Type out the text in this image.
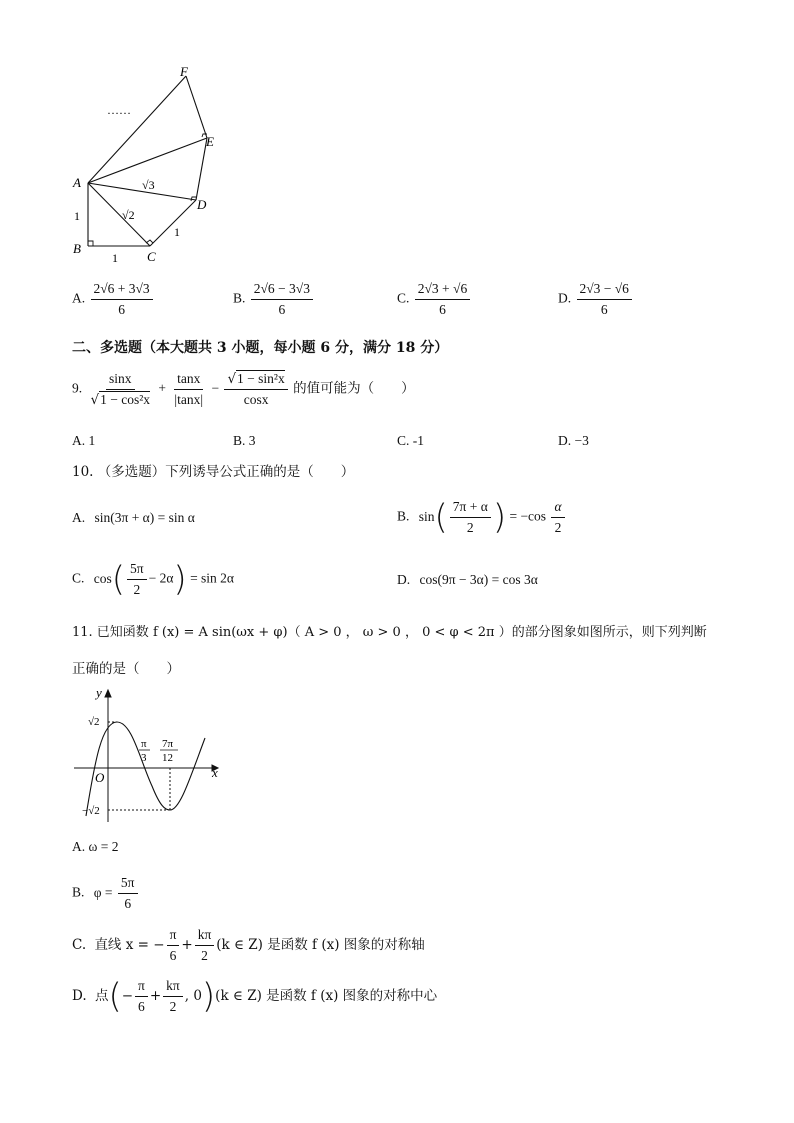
F
E
D
A
B
C
……
1
1
1
√2
√3
A. $\frac{2√6 + 3√3}{6}$	B. $\frac{2√6 - 3√3}{6}$	C. $\frac{2√3 + √6}{6}$	D. $\frac{2√3 - √6}{6}$
二、多选题（本大题共 3 小题，每小题 6 分，满分 18 分）
9. $\frac{\sin x}{\text{√1 − cos²x}} + \frac{\tan x}{|\tan x|} - \frac{\text{√1 − sin²x}}{\cos x}$ 的值可能为（　　）
A. 1	B. 3	C. -1	D. −3
10. （多选题）下列诱导公式正确的是（　　）
A. sin(3π + α) = sin α	B. $\sin( \frac{7\pi + \alpha}{2}$ ) = $-\cos \frac{\alpha}{2}$
C. $\cos( \frac{5\pi}{2} - 2\alpha) = \sin 2\alpha$	D. cos(9π − 3α) = cos 3α
11. 已知函数 f (x) = A sin(ωx + φ)（ A > 0 ， ω > 0 ， 0 < φ < 2π ）的部分图象如图所示，则下列判断
正确的是（　　）
y
x
O
√2
−√2
π
3
7π
12
A. ω = 2
B. $\varphi = \frac{5\pi}{6}$
C. 直线 x = − $\frac{\pi}{6} + \frac{k\pi}{2} (k$ ∈ Z) 是函数 f (x) 图象的对称轴
D. 点(− $\frac{\pi}{6} + \frac{k\pi}{2}$ , 0)(k ∈ Z) 是函数 f (x) 图象的对称中心
